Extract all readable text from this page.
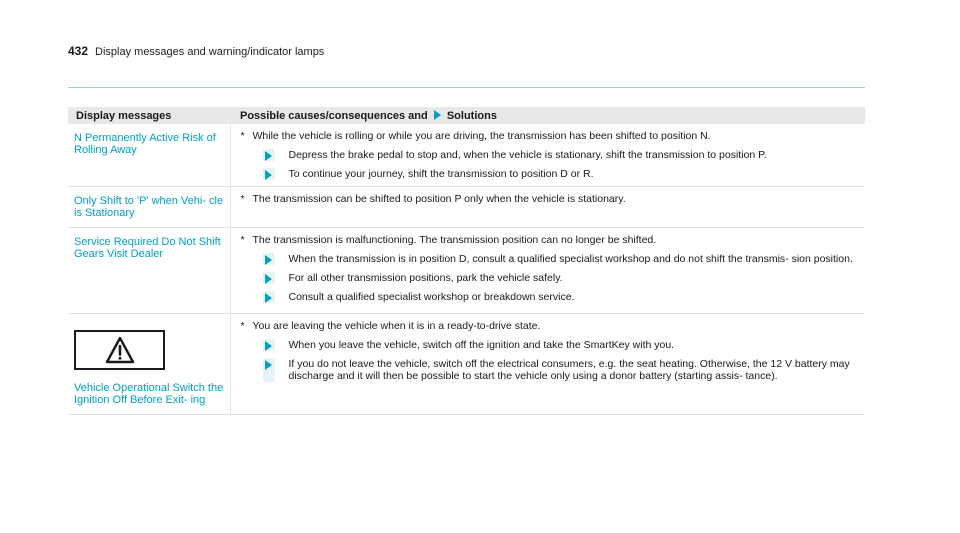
432 Display messages and warning/indicator lamps
Display messages	Possible causes/consequences and Solutions

N Permanently Active Risk of Rolling Away	* While the vehicle is rolling or while you are driving, the transmission has been shifted to position N.
Depress the brake pedal to stop and, when the vehicle is stationary, shift the transmission to position P.
To continue your journey, shift the transmission to position D or R.

Only Shift to 'P' when Vehi- cle is Stationary	* The transmission can be shifted to position P only when the vehicle is stationary.

Service Required Do Not Shift Gears Visit Dealer	* The transmission is malfunctioning. The transmission position can no longer be shifted.
When the transmission is in position D, consult a qualified specialist workshop and do not shift the transmis- sion position.
For all other transmission positions, park the vehicle safely.
Consult a qualified specialist workshop or breakdown service.

Vehicle Operational Switch the Ignition Off Before Exit- ing	* You are leaving the vehicle when it is in a ready-to-drive state.
When you leave the vehicle, switch off the ignition and take the SmartKey with you.
If you do not leave the vehicle, switch off the electrical consumers, e.g. the seat heating. Otherwise, the 12 V battery may discharge and it will then be possible to start the vehicle only using a donor battery (starting assis- tance).
